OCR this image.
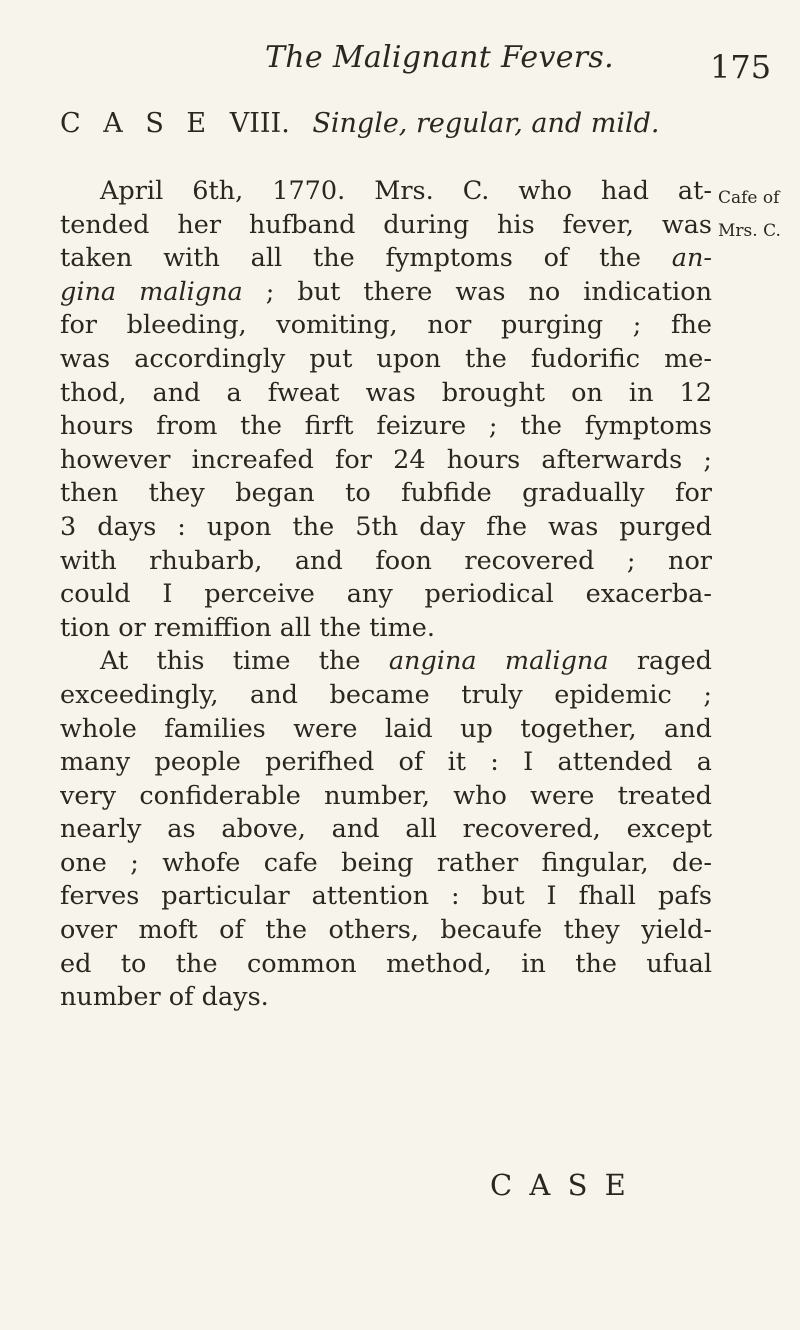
The Malignant Fevers.	175
C A S E VIII. Single, regular, and mild.
Cafe of
Mrs. C.
April 6th, 1770. Mrs. C. who had at-
tended her hufband during his fever, was
taken with all the fymptoms of the an-
gina maligna ; but there was no indication
for bleeding, vomiting, nor purging ; fhe
was accordingly put upon the fudorific me-
thod, and a fweat was brought on in 12
hours from the firft feizure ; the fymptoms
however increafed for 24 hours afterwards ;
then they began to fubfide gradually for
3 days : upon the 5th day fhe was purged
with rhubarb, and foon recovered ; nor
could I perceive any periodical exacerba-
tion or remiffion all the time.
At this time the angina maligna raged
exceedingly, and became truly epidemic ;
whole families were laid up together, and
many people perifhed of it : I attended a
very confiderable number, who were treated
nearly as above, and all recovered, except
one ; whofe cafe being rather fingular, de-
ferves particular attention : but I fhall pafs
over moft of the others, becaufe they yield-
ed to the common method, in the ufual
number of days.
C A S E
